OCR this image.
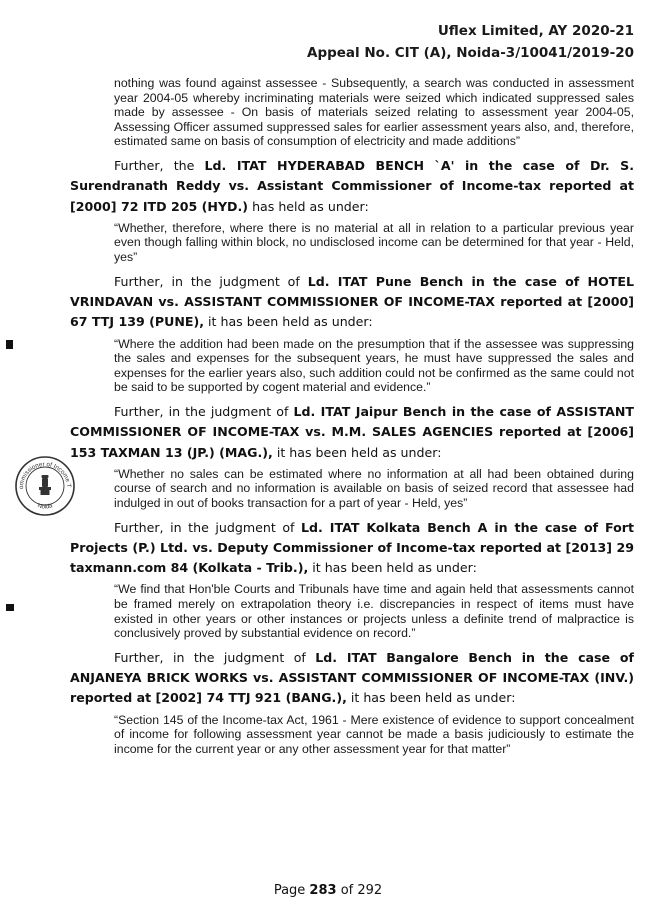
Uflex Limited, AY 2020-21
Appeal No. CIT (A), Noida-3/10041/2019-20

nothing was found against assessee - Subsequently, a search was conducted in assessment year 2004-05 whereby incriminating materials were seized which indicated suppressed sales made by assessee - On basis of materials seized relating to assessment year 2004-05, Assessing Officer assumed suppressed sales for earlier assessment years also, and, therefore, estimated same on basis of consumption of electricity and made additions”

Further, the Ld. ITAT HYDERABAD BENCH `A' in the case of Dr. S. Surendranath Reddy vs. Assistant Commissioner of Income-tax reported at [2000] 72 ITD 205 (HYD.) has held as under:

“Whether, therefore, where there is no material at all in relation to a particular previous year even though falling within block, no undisclosed income can be determined for that year - Held, yes”

Further, in the judgment of Ld. ITAT Pune Bench in the case of HOTEL VRINDAVAN vs. ASSISTANT COMMISSIONER OF INCOME-TAX reported at [2000] 67 TTJ 139 (PUNE), it has been held as under:

“Where the addition had been made on the presumption that if the assessee was suppressing the sales and expenses for the subsequent years, he must have suppressed the sales and expenses for the earlier years also, such addition could not be confirmed as the same could not be said to be supported by cogent material and evidence.”

Further, in the judgment of Ld. ITAT Jaipur Bench in the case of ASSISTANT COMMISSIONER OF INCOME-TAX vs. M.M. SALES AGENCIES reported at [2006] 153 TAXMAN 13 (JP.) (MAG.), it has been held as under:

“Whether no sales can be estimated where no information at all had been obtained during course of search and no information is available on basis of seized record that assessee had indulged in out of books transaction for a part of year - Held, yes”

Further, in the judgment of Ld. ITAT Kolkata Bench A in the case of Fort Projects (P.) Ltd. vs. Deputy Commissioner of Income-tax reported at [2013] 29 taxmann.com 84 (Kolkata - Trib.), it has been held as under:

“We find that Hon'ble Courts and Tribunals have time and again held that assessments cannot be framed merely on extrapolation theory i.e. discrepancies in respect of items must have existed in other years or other instances or projects unless a definite trend of malpractice is conclusively proved by substantial evidence on record.”

Further, in the judgment of Ld. ITAT Bangalore Bench in the case of ANJANEYA BRICK WORKS vs. ASSISTANT COMMISSIONER OF INCOME-TAX (INV.) reported at [2002] 74 TTJ 921 (BANG.), it has been held as under:

“Section 145 of the Income-tax Act, 1961 - Mere existence of evidence to support concealment of income for following assessment year cannot be made a basis judiciously to estimate the income for the current year or any other assessment year for that matter”

ommissioner of Income T
Noida
Page 283 of 292
